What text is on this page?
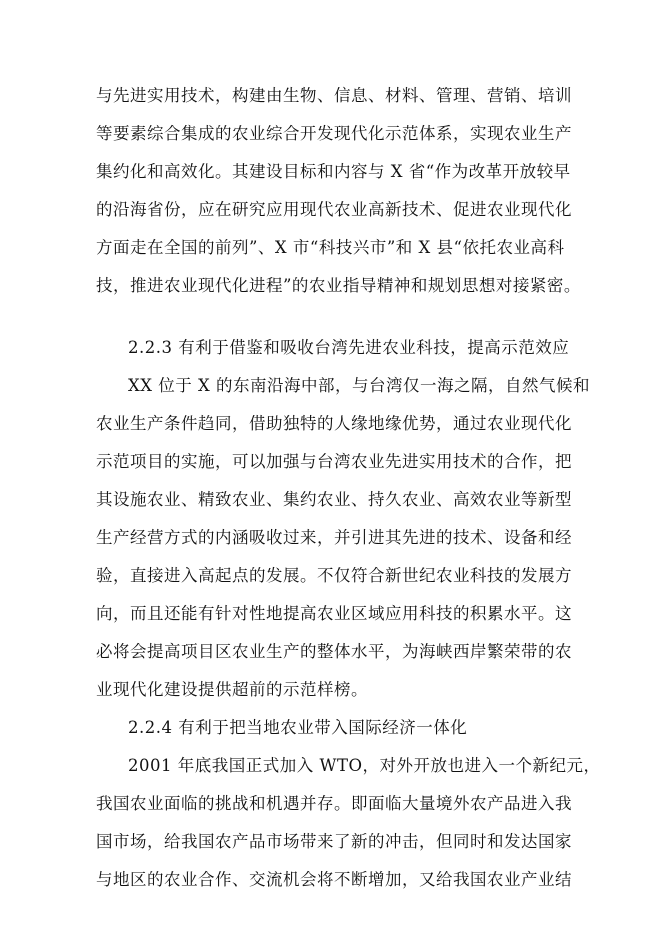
与先进实用技术，构建由生物、信息、材料、管理、营销、培训
等要素综合集成的农业综合开发现代化示范体系，实现农业生产
集约化和高效化。其建设目标和内容与 X 省“作为改革开放较早
的沿海省份，应在研究应用现代农业高新技术、促进农业现代化
方面走在全国的前列”、X 市“科技兴市”和 X 县“依托农业高科
技，推进农业现代化进程”的农业指导精神和规划思想对接紧密。
2.2.3 有利于借鉴和吸收台湾先进农业科技，提高示范效应
XX 位于 X 的东南沿海中部，与台湾仅一海之隔，自然气候和
农业生产条件趋同，借助独特的人缘地缘优势，通过农业现代化
示范项目的实施，可以加强与台湾农业先进实用技术的合作，把
其设施农业、精致农业、集约农业、持久农业、高效农业等新型
生产经营方式的内涵吸收过来，并引进其先进的技术、设备和经
验，直接进入高起点的发展。不仅符合新世纪农业科技的发展方
向，而且还能有针对性地提高农业区域应用科技的积累水平。这
必将会提高项目区农业生产的整体水平，为海峡西岸繁荣带的农
业现代化建设提供超前的示范样榜。
2.2.4 有利于把当地农业带入国际经济一体化
2001 年底我国正式加入 WTO，对外开放也进入一个新纪元，
我国农业面临的挑战和机遇并存。即面临大量境外农产品进入我
国市场，给我国农产品市场带来了新的冲击，但同时和发达国家
与地区的农业合作、交流机会将不断增加，又给我国农业产业结
